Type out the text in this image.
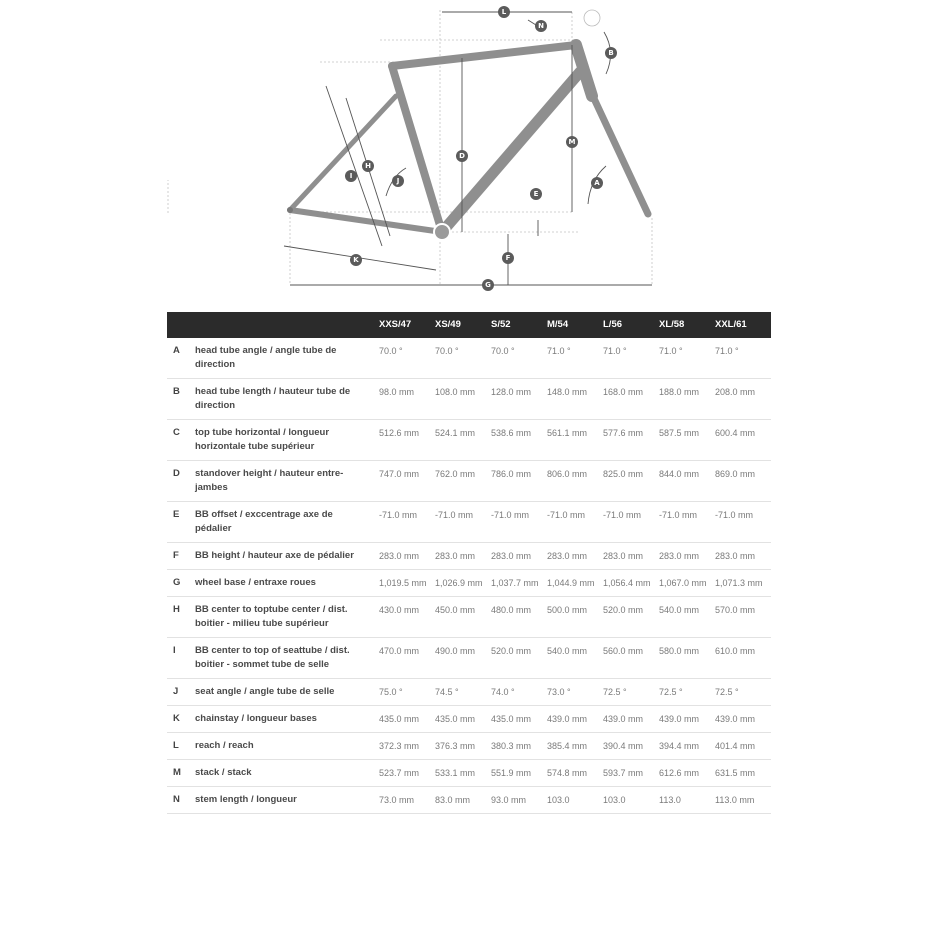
A
B
D
E
F
G
H
I
J
K
L
M
N
		XXS/47	XS/49	S/52	M/54	L/56	XL/58	XXL/61
A	head tube angle / angle tube de direction	70.0 °	70.0 °	70.0 °	71.0 °	71.0 °	71.0 °	71.0 °
B	head tube length / hauteur tube de direction	98.0 mm	108.0 mm	128.0 mm	148.0 mm	168.0 mm	188.0 mm	208.0 mm
C	top tube horizontal / longueur horizontale tube supérieur	512.6 mm	524.1 mm	538.6 mm	561.1 mm	577.6 mm	587.5 mm	600.4 mm
D	standover height / hauteur entre-jambes	747.0 mm	762.0 mm	786.0 mm	806.0 mm	825.0 mm	844.0 mm	869.0 mm
E	BB offset / exccentrage axe de pédalier	-71.0 mm	-71.0 mm	-71.0 mm	-71.0 mm	-71.0 mm	-71.0 mm	-71.0 mm
F	BB height / hauteur axe de pédalier	283.0 mm	283.0 mm	283.0 mm	283.0 mm	283.0 mm	283.0 mm	283.0 mm
G	wheel base / entraxe roues	1,019.5 mm	1,026.9 mm	1,037.7 mm	1,044.9 mm	1,056.4 mm	1,067.0 mm	1,071.3 mm
H	BB center to toptube center / dist. boitier - milieu tube supérieur	430.0 mm	450.0 mm	480.0 mm	500.0 mm	520.0 mm	540.0 mm	570.0 mm
I	BB center to top of seattube / dist. boitier - sommet tube de selle	470.0 mm	490.0 mm	520.0 mm	540.0 mm	560.0 mm	580.0 mm	610.0 mm
J	seat angle / angle tube de selle	75.0 °	74.5 °	74.0 °	73.0 °	72.5 °	72.5 °	72.5 °
K	chainstay / longueur bases	435.0 mm	435.0 mm	435.0 mm	439.0 mm	439.0 mm	439.0 mm	439.0 mm
L	reach / reach	372.3 mm	376.3 mm	380.3 mm	385.4 mm	390.4 mm	394.4 mm	401.4 mm
M	stack / stack	523.7 mm	533.1 mm	551.9 mm	574.8 mm	593.7 mm	612.6 mm	631.5 mm
N	stem length / longueur	73.0 mm	83.0 mm	93.0 mm	103.0	103.0	113.0	113.0 mm
